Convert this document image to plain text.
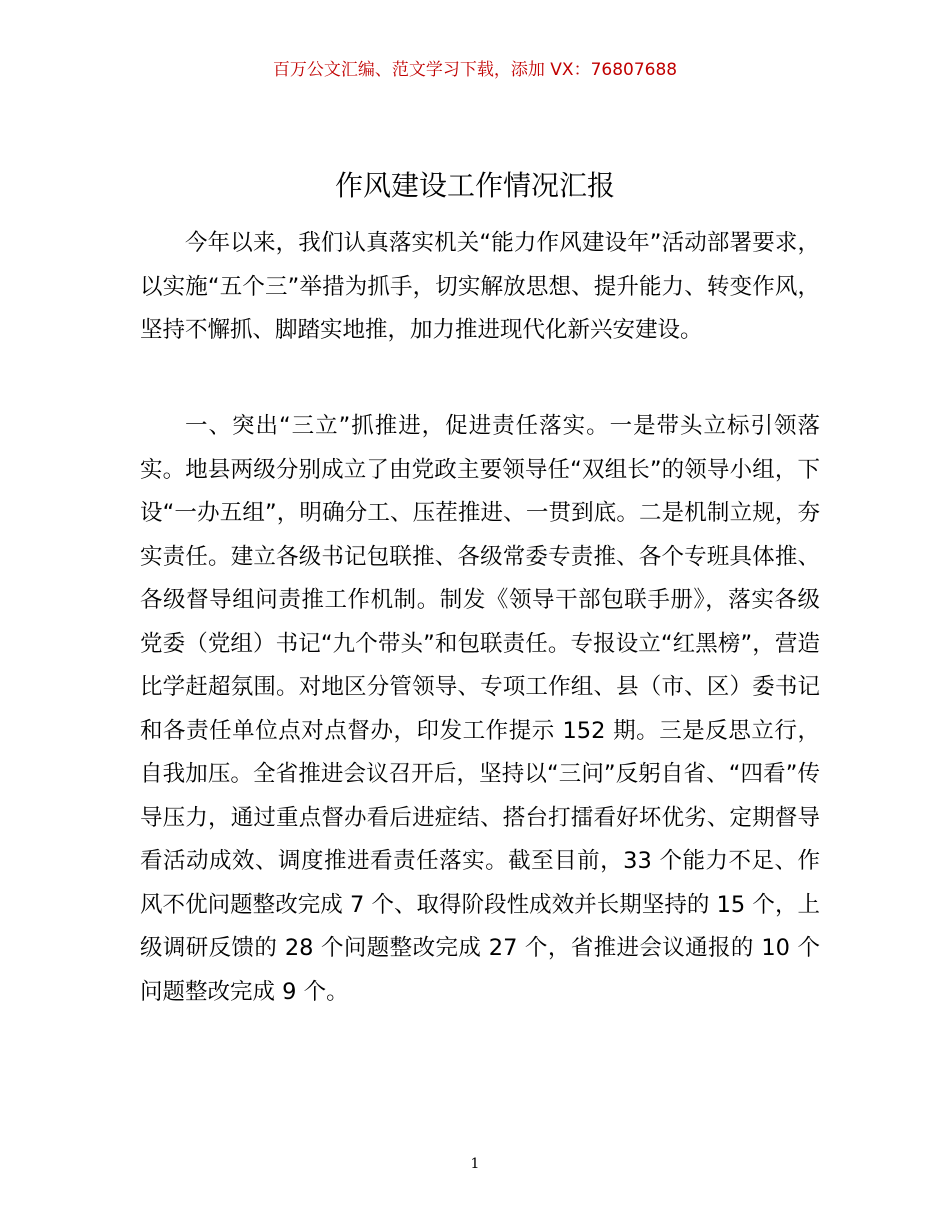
百万公文汇编、范文学习下载，添加 VX：76807688
作风建设工作情况汇报

今年以来，我们认真落实机关“能力作风建设年”活动部署要求，以实施“五个三”举措为抓手，切实解放思想、提升能力、转变作风，坚持不懈抓、脚踏实地推，加力推进现代化新兴安建设。

一、突出“三立”抓推进，促进责任落实。一是带头立标引领落实。地县两级分别成立了由党政主要领导任“双组长”的领导小组，下设“一办五组”，明确分工、压茬推进、一贯到底。二是机制立规，夯实责任。建立各级书记包联推、各级常委专责推、各个专班具体推、各级督导组问责推工作机制。制发《领导干部包联手册》，落实各级党委（党组）书记“九个带头”和包联责任。专报设立“红黑榜”，营造比学赶超氛围。对地区分管领导、专项工作组、县（市、区）委书记和各责任单位点对点督办，印发工作提示 152 期。三是反思立行，自我加压。全省推进会议召开后，坚持以“三问”反躬自省、“四看”传导压力，通过重点督办看后进症结、搭台打擂看好坏优劣、定期督导看活动成效、调度推进看责任落实。截至目前，33 个能力不足、作风不优问题整改完成 7 个、取得阶段性成效并长期坚持的 15 个，上级调研反馈的 28 个问题整改完成 27 个，省推进会议通报的 10 个问题整改完成 9 个。

1
